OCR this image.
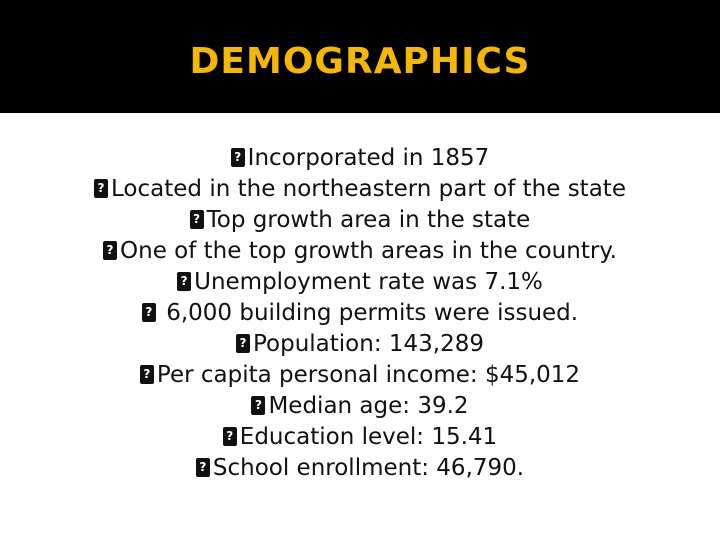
DEMOGRAPHICS
?Incorporated in 1857
?Located in the northeastern part of the state
?Top growth area in the state
?One of the top growth areas in the country.
?Unemployment rate was 7.1%
? 6,000 building permits were issued.
?Population: 143,289
?Per capita personal income: $45,012
?Median age: 39.2
?Education level: 15.41
?School enrollment: 46,790.
